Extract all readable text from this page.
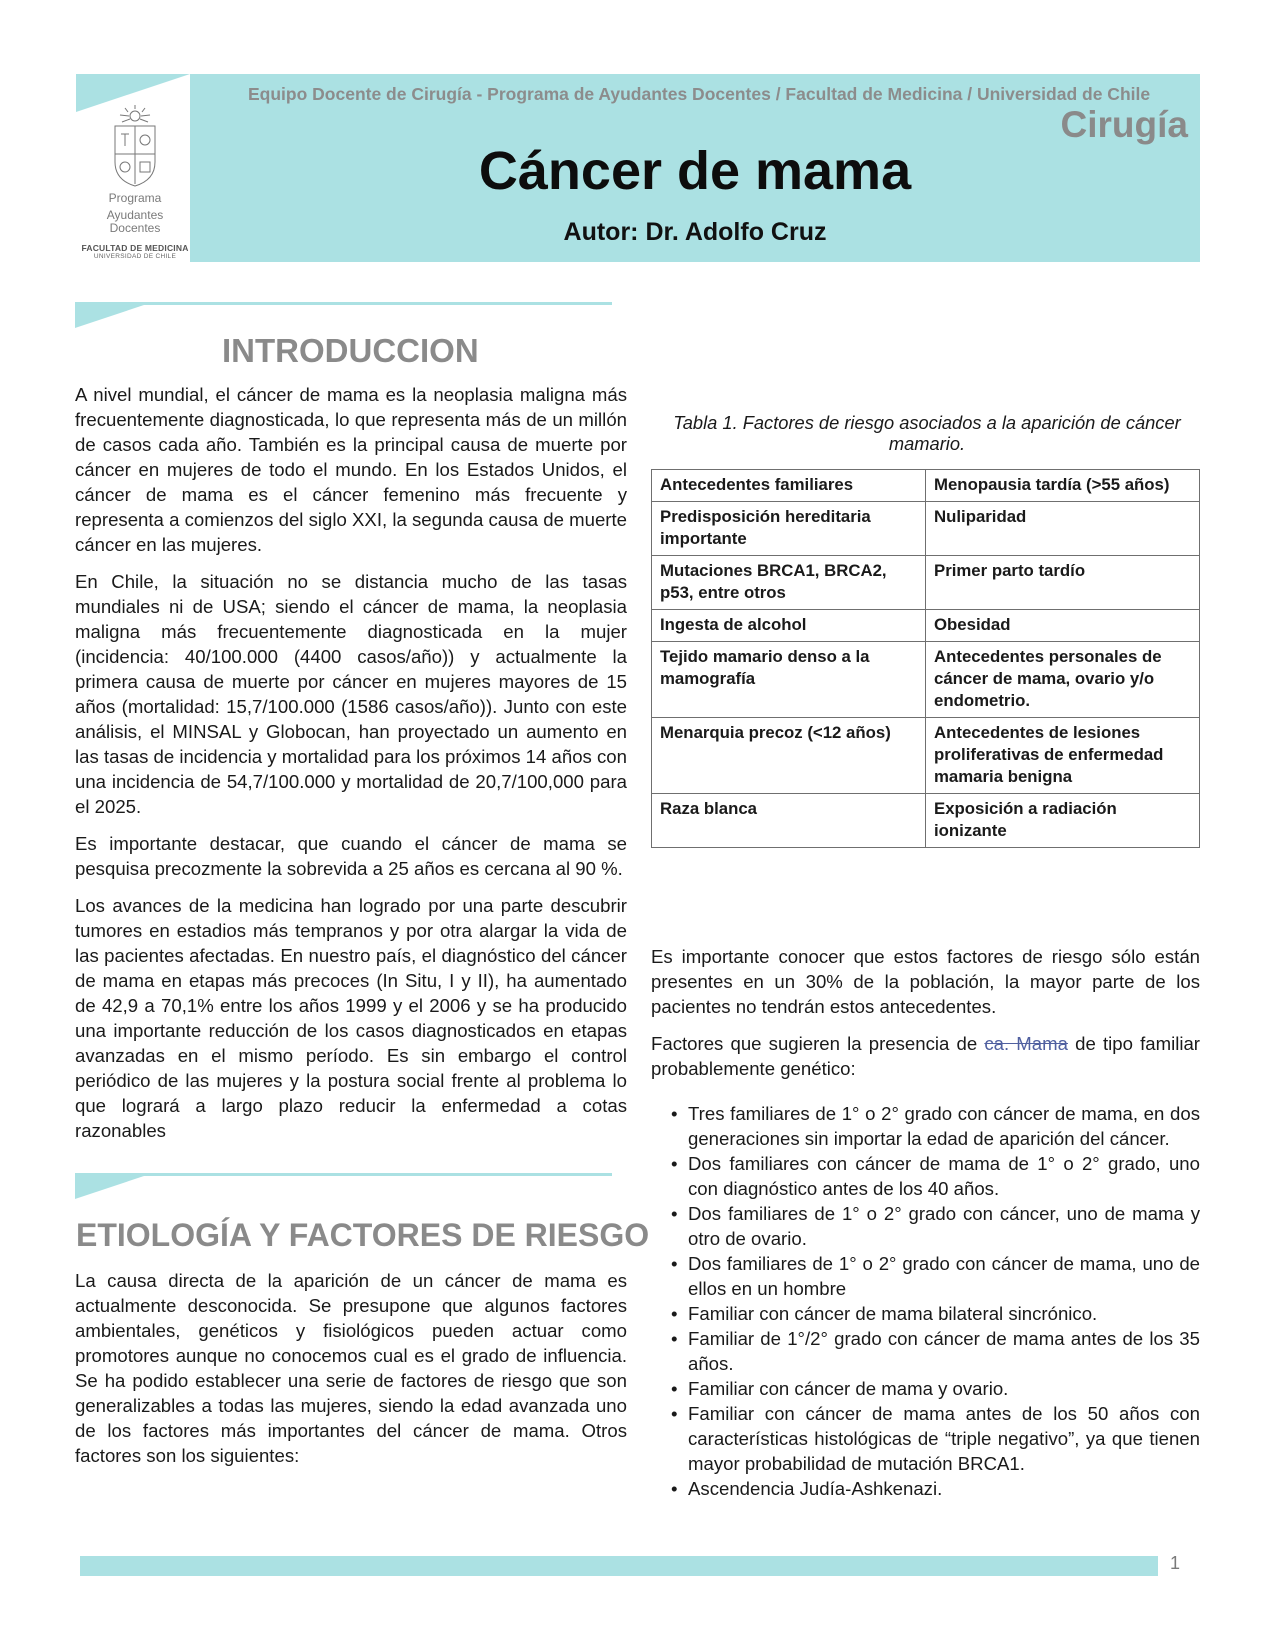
Programa
Ayudantes Docentes
FACULTAD DE MEDICINA
UNIVERSIDAD DE CHILE
Equipo Docente de Cirugía - Programa de Ayudantes Docentes / Facultad de Medicina / Universidad de Chile
Cirugía
Cáncer de mama
Autor: Dr. Adolfo Cruz
INTRODUCCION

A nivel mundial, el cáncer de mama es la neoplasia maligna más frecuentemente diagnosticada, lo que representa más de un millón de casos cada año. También es la principal causa de muerte por cáncer en mujeres de todo el mundo. En los Estados Unidos, el cáncer de mama es el cáncer femenino más frecuente y representa a comienzos del siglo XXI, la segunda causa de muerte cáncer en las mujeres.

En Chile, la situación no se distancia mucho de las tasas mundiales ni de USA; siendo el cáncer de mama, la neoplasia maligna más frecuentemente diagnosticada en la mujer (incidencia: 40/100.000 (4400 casos/año)) y actualmente la primera causa de muerte por cáncer en mujeres mayores de 15 años (mortalidad: 15,7/100.000 (1586 casos/año)). Junto con este análisis, el MINSAL y Globocan, han proyectado un aumento en las tasas de incidencia y mortalidad para los próximos 14 años con una incidencia de 54,7/100.000 y mortalidad de 20,7/100,000 para el 2025.

Es importante destacar, que cuando el cáncer de mama se pesquisa precozmente la sobrevida a 25 años es cercana al 90 %.

Los avances de la medicina han logrado por una parte descubrir tumores en estadios más tempranos y por otra alargar la vida de las pacientes afectadas. En nuestro país, el diagnóstico del cáncer de mama en etapas más precoces (In Situ, I y II), ha aumentado de 42,9 a 70,1% entre los años 1999 y el 2006 y se ha producido una importante reducción de los casos diagnosticados en etapas avanzadas en el mismo período. Es sin embargo el control periódico de las mujeres y la postura social frente al problema lo que logrará a largo plazo reducir la enfermedad a cotas razonables

ETIOLOGÍA Y FACTORES DE RIESGO

La causa directa de la aparición de un cáncer de mama es actualmente desconocida. Se presupone que algunos factores ambientales, genéticos y fisiológicos pueden actuar como promotores aunque no conocemos cual es el grado de influencia. Se ha podido establecer una serie de factores de riesgo que son generalizables a todas las mujeres, siendo la edad avanzada uno de los factores más importantes del cáncer de mama. Otros factores son los siguientes:

Tabla 1. Factores de riesgo asociados a la aparición de cáncer mamario.
Antecedentes familiares	Menopausia tardía (>55 años)
Predisposición hereditaria importante	Nuliparidad
Mutaciones BRCA1, BRCA2, p53, entre otros	Primer parto tardío
Ingesta de alcohol	Obesidad
Tejido mamario denso a la mamografía	Antecedentes personales de cáncer de mama, ovario y/o endometrio.
Menarquia precoz (<12 años)	Antecedentes de lesiones proliferativas de enfermedad mamaria benigna
Raza blanca	Exposición a radiación ionizante

Es importante conocer que estos factores de riesgo sólo están presentes en un 30% de la población, la mayor parte de los pacientes no tendrán estos antecedentes.

Factores que sugieren la presencia de ca. Mama de tipo familiar probablemente genético:

• Tres familiares de 1° o 2° grado con cáncer de mama, en dos generaciones sin importar la edad de aparición del cáncer.
• Dos familiares con cáncer de mama de 1° o 2° grado, uno con diagnóstico antes de los 40 años.
• Dos familiares de 1° o 2° grado con cáncer, uno de mama y otro de ovario.
• Dos familiares de 1° o 2° grado con cáncer de mama, uno de ellos en un hombre
• Familiar con cáncer de mama bilateral sincrónico.
• Familiar de 1°/2° grado con cáncer de mama antes de los 35 años.
• Familiar con cáncer de mama y ovario.
• Familiar con cáncer de mama antes de los 50 años con características histológicas de “triple negativo”, ya que tienen mayor probabilidad de mutación BRCA1.
• Ascendencia Judía-Ashkenazi.
1
